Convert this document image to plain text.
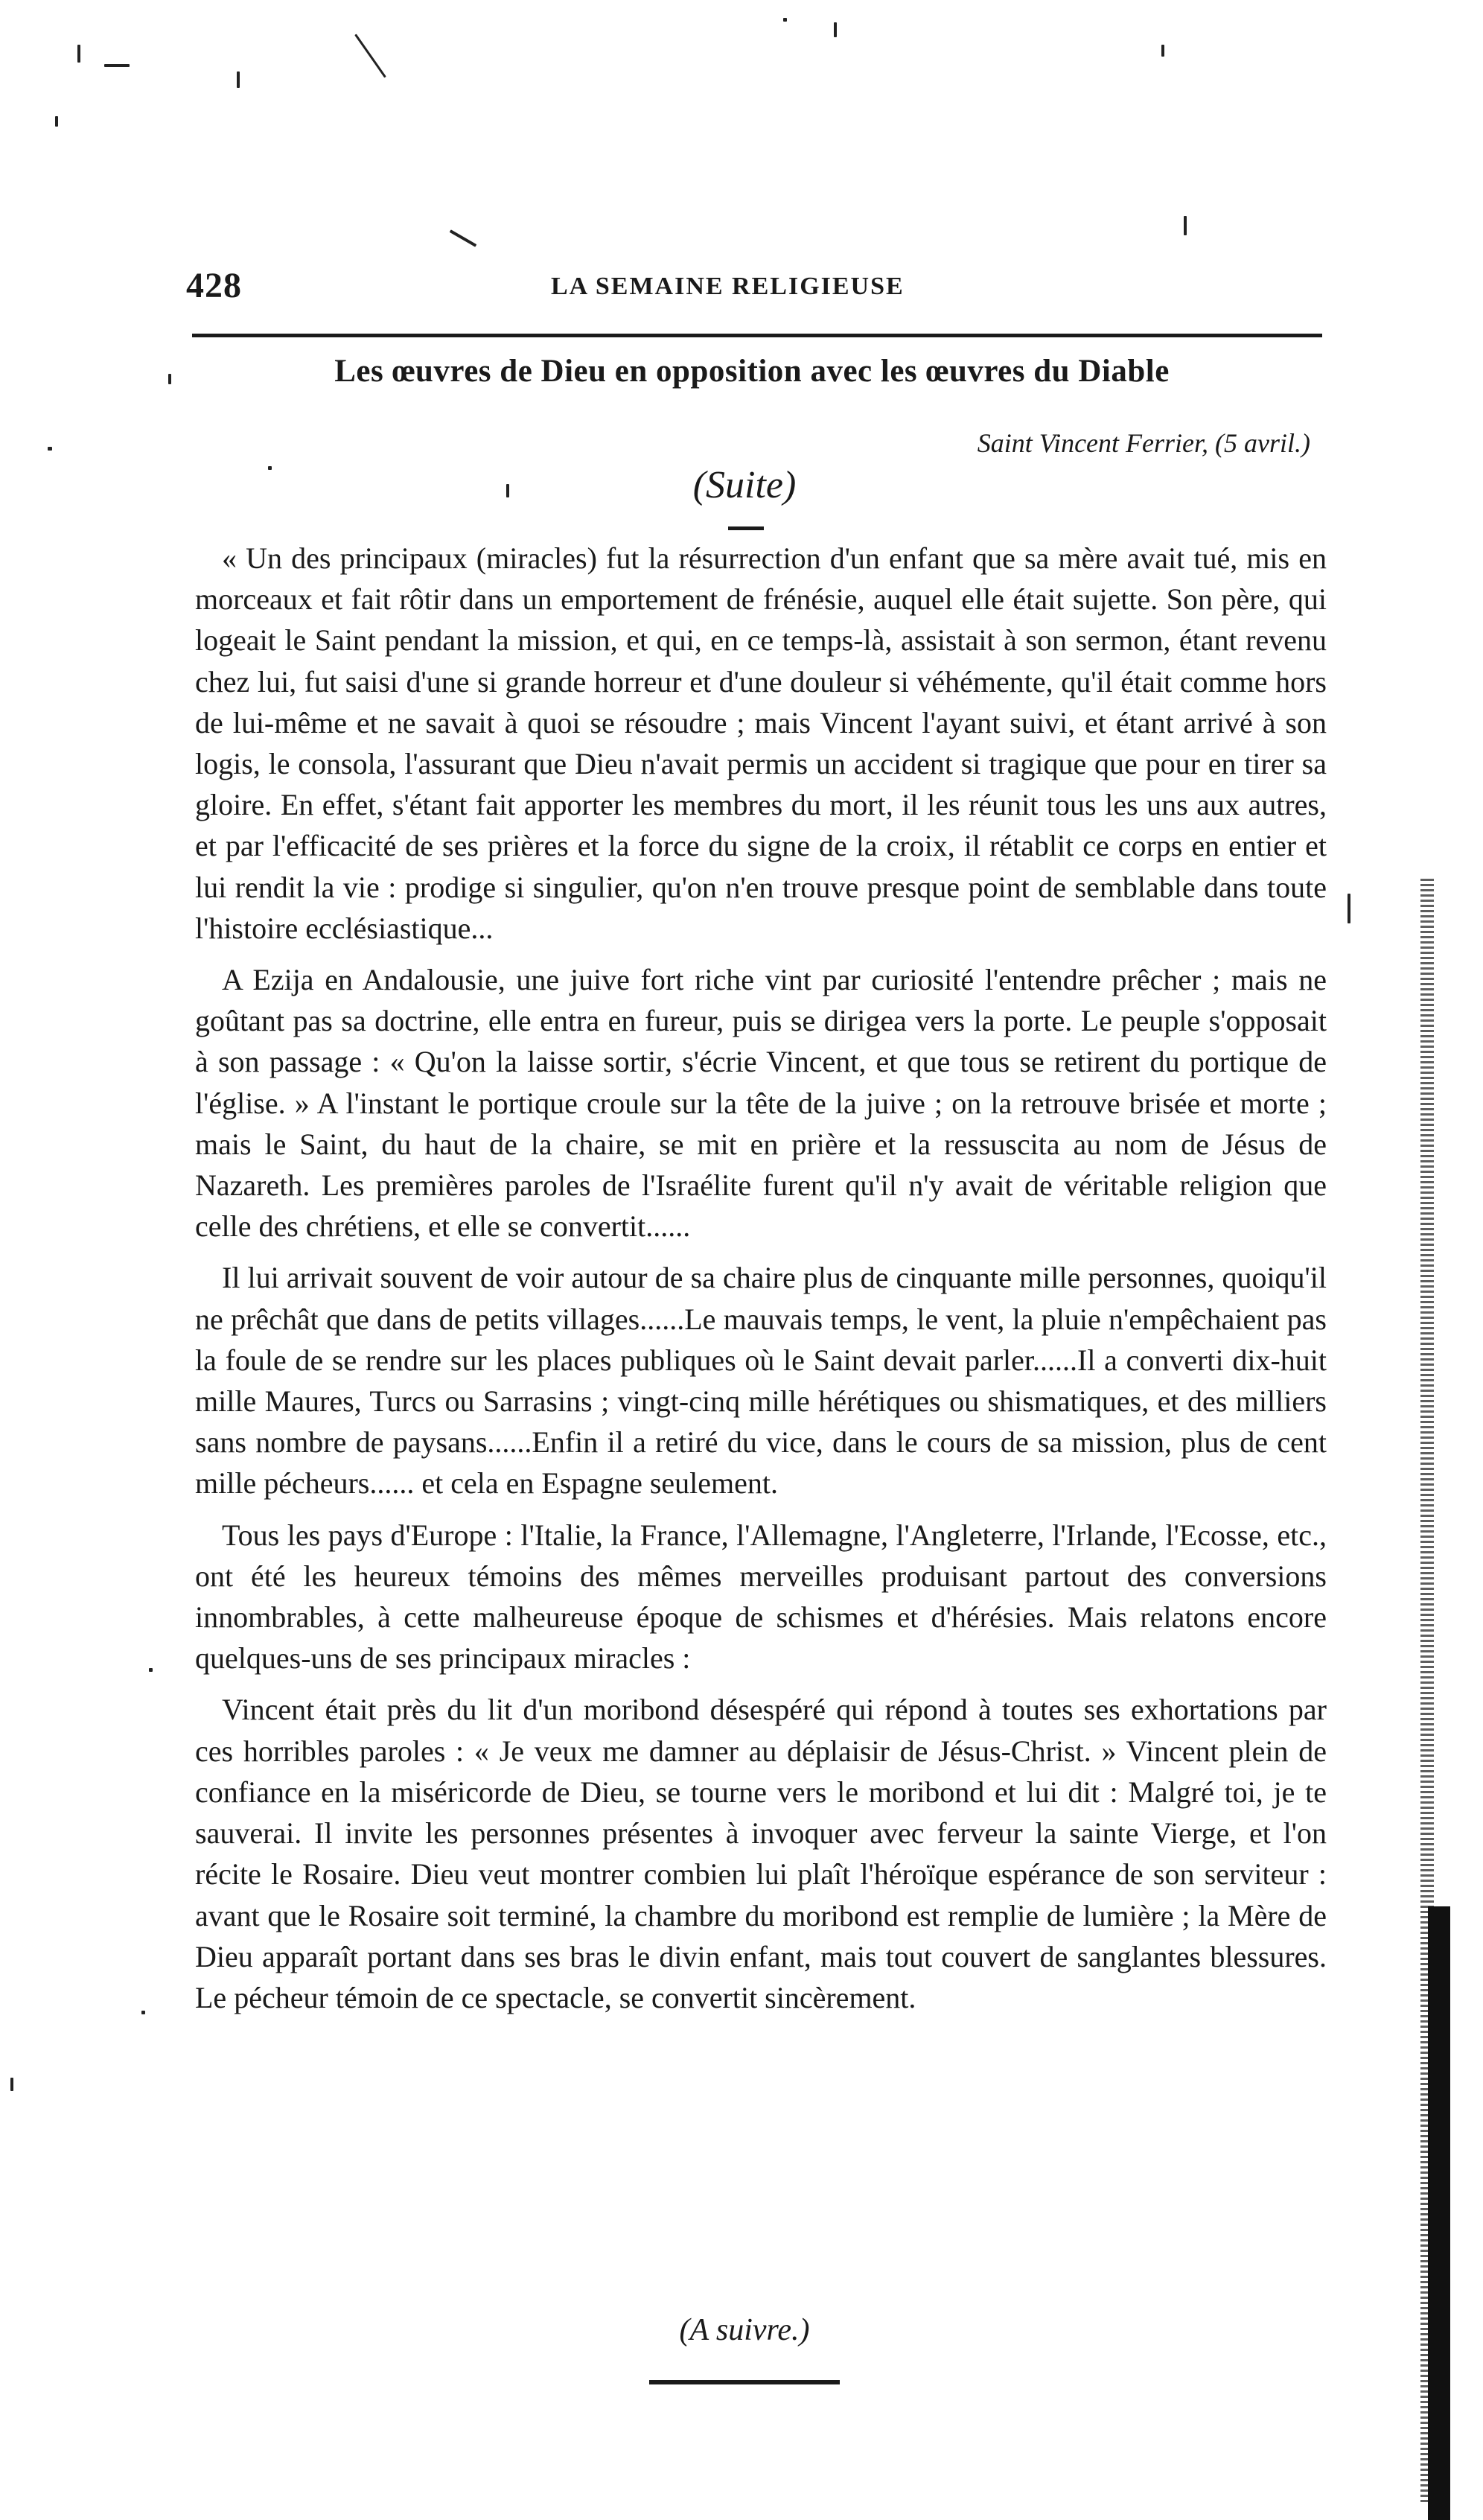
428	LA SEMAINE RELIGIEUSE
Les œuvres de Dieu en opposition avec les œuvres du Diable
Saint Vincent Ferrier, (5 avril.)
(Suite)

« Un des principaux (miracles) fut la résurrection d'un enfant que sa mère avait tué, mis en morceaux et fait rôtir dans un emportement de frénésie, auquel elle était sujette. Son père, qui logeait le Saint pendant la mission, et qui, en ce temps-là, assistait à son sermon, étant revenu chez lui, fut saisi d'une si grande horreur et d'une douleur si véhémente, qu'il était comme hors de lui-même et ne savait à quoi se résoudre ; mais Vincent l'ayant suivi, et étant arrivé à son logis, le consola, l'assurant que Dieu n'avait permis un accident si tragique que pour en tirer sa gloire. En effet, s'étant fait apporter les membres du mort, il les réunit tous les uns aux autres, et par l'efficacité de ses prières et la force du signe de la croix, il rétablit ce corps en entier et lui rendit la vie : prodige si singulier, qu'on n'en trouve presque point de semblable dans toute l'histoire ecclésiastique...

A Ezija en Andalousie, une juive fort riche vint par curiosité l'entendre prêcher ; mais ne goûtant pas sa doctrine, elle entra en fureur, puis se dirigea vers la porte. Le peuple s'opposait à son passage : « Qu'on la laisse sortir, s'écrie Vincent, et que tous se retirent du portique de l'église. » A l'instant le portique croule sur la tête de la juive ; on la retrouve brisée et morte ; mais le Saint, du haut de la chaire, se mit en prière et la ressuscita au nom de Jésus de Nazareth. Les premières paroles de l'Israélite furent qu'il n'y avait de véritable religion que celle des chrétiens, et elle se convertit......

Il lui arrivait souvent de voir autour de sa chaire plus de cinquante mille personnes, quoiqu'il ne prêchât que dans de petits villages......Le mauvais temps, le vent, la pluie n'empêchaient pas la foule de se rendre sur les places publiques où le Saint devait parler......Il a converti dix-huit mille Maures, Turcs ou Sarrasins ; vingt-cinq mille hérétiques ou shismatiques, et des milliers sans nombre de paysans......Enfin il a retiré du vice, dans le cours de sa mission, plus de cent mille pécheurs...... et cela en Espagne seulement.

Tous les pays d'Europe : l'Italie, la France, l'Allemagne, l'Angleterre, l'Irlande, l'Ecosse, etc., ont été les heureux témoins des mêmes merveilles produisant partout des conversions innombrables, à cette malheureuse époque de schismes et d'hérésies. Mais relatons encore quelques-uns de ses principaux miracles :

Vincent était près du lit d'un moribond désespéré qui répond à toutes ses exhortations par ces horribles paroles : « Je veux me damner au déplaisir de Jésus-Christ. » Vincent plein de confiance en la miséricorde de Dieu, se tourne vers le moribond et lui dit : Malgré toi, je te sauverai. Il invite les personnes présentes à invoquer avec ferveur la sainte Vierge, et l'on récite le Rosaire. Dieu veut montrer combien lui plaît l'héroïque espérance de son serviteur : avant que le Rosaire soit terminé, la chambre du moribond est remplie de lumière ; la Mère de Dieu apparaît portant dans ses bras le divin enfant, mais tout couvert de sanglantes blessures. Le pécheur témoin de ce spectacle, se convertit sincèrement.

(A suivre.)
